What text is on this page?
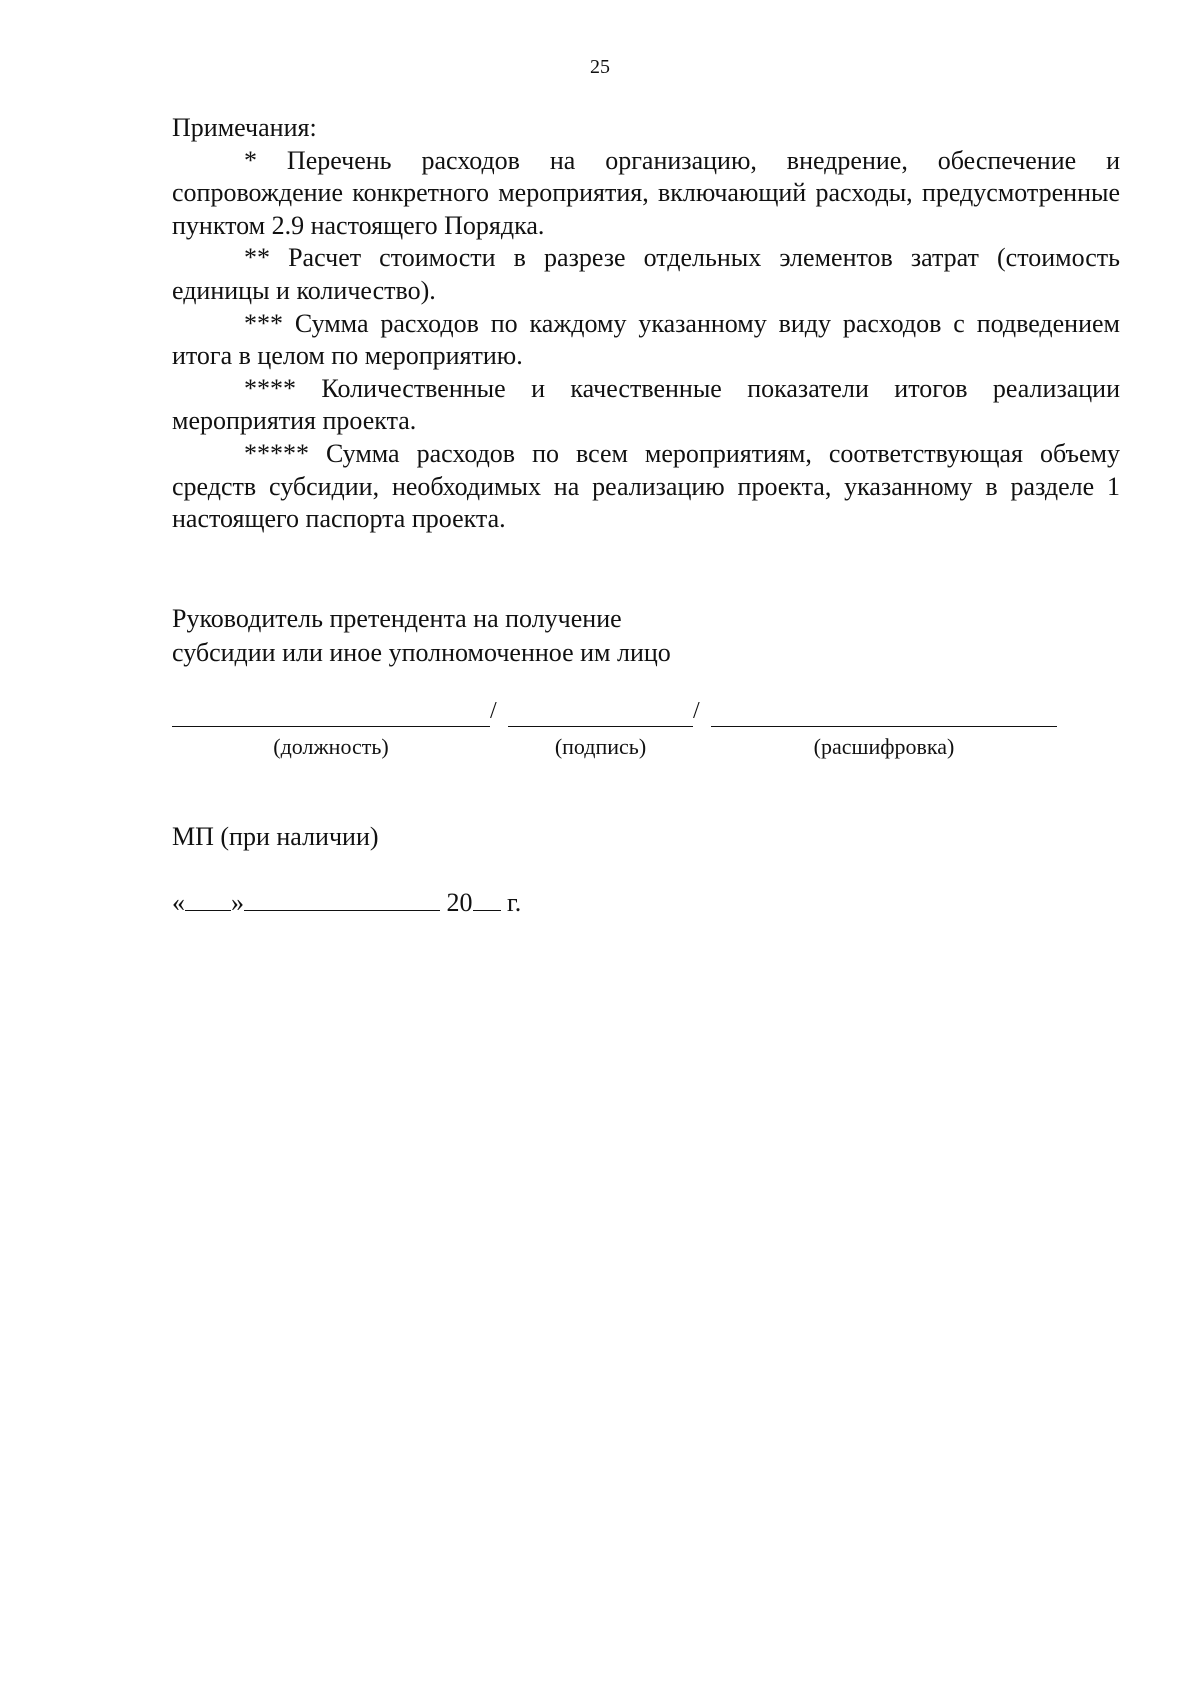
25

Примечания:

* Перечень расходов на организацию, внедрение, обеспечение и сопровождение конкретного мероприятия, включающий расходы, предусмотренные пунктом 2.9 настоящего Порядка.

** Расчет стоимости в разрезе отдельных элементов затрат (стоимость единицы и количество).

*** Сумма расходов по каждому указанному виду расходов с подведением итога в целом по мероприятию.

**** Количественные и качественные показатели итогов реализации мероприятия проекта.

***** Сумма расходов по всем мероприятиям, соответствующая объему средств субсидии, необходимых на реализацию проекта, указанному в разделе 1 настоящего паспорта проекта.

Руководитель претендента на получение
субсидии или иное уполномоченное им лицо
/	/
(должность)	(подпись)	(расшифровка)
МП (при наличии)
« »	20 г.
